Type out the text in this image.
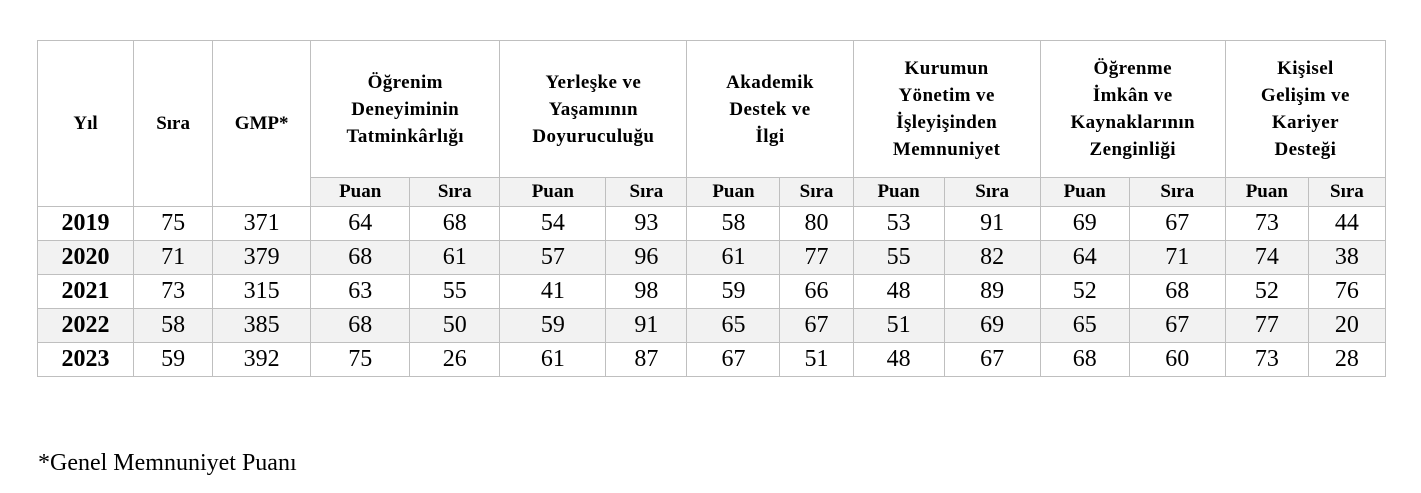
Yıl	Sıra	GMP*	Öğrenim
Deneyiminin
Tatminkârlığı		Yerleşke ve
Yaşamının
Doyuruculuğu		Akademik
Destek ve
İlgi		Kurumun
Yönetim ve
İşleyişinden
Memnuniyet		Öğrenme
İmkân ve
Kaynaklarının
Zenginliği		Kişisel
Gelişim ve
Kariyer
Desteği	
			Puan	Sıra	Puan	Sıra	Puan	Sıra	Puan	Sıra	Puan	Sıra	Puan	Sıra
2019	75	371	64	68	54	93	58	80	53	91	69	67	73	44
2020	71	379	68	61	57	96	61	77	55	82	64	71	74	38
2021	73	315	63	55	41	98	59	66	48	89	52	68	52	76
2022	58	385	68	50	59	91	65	67	51	69	65	67	77	20
2023	59	392	75	26	61	87	67	51	48	67	68	60	73	28
*Genel Memnuniyet Puanı
